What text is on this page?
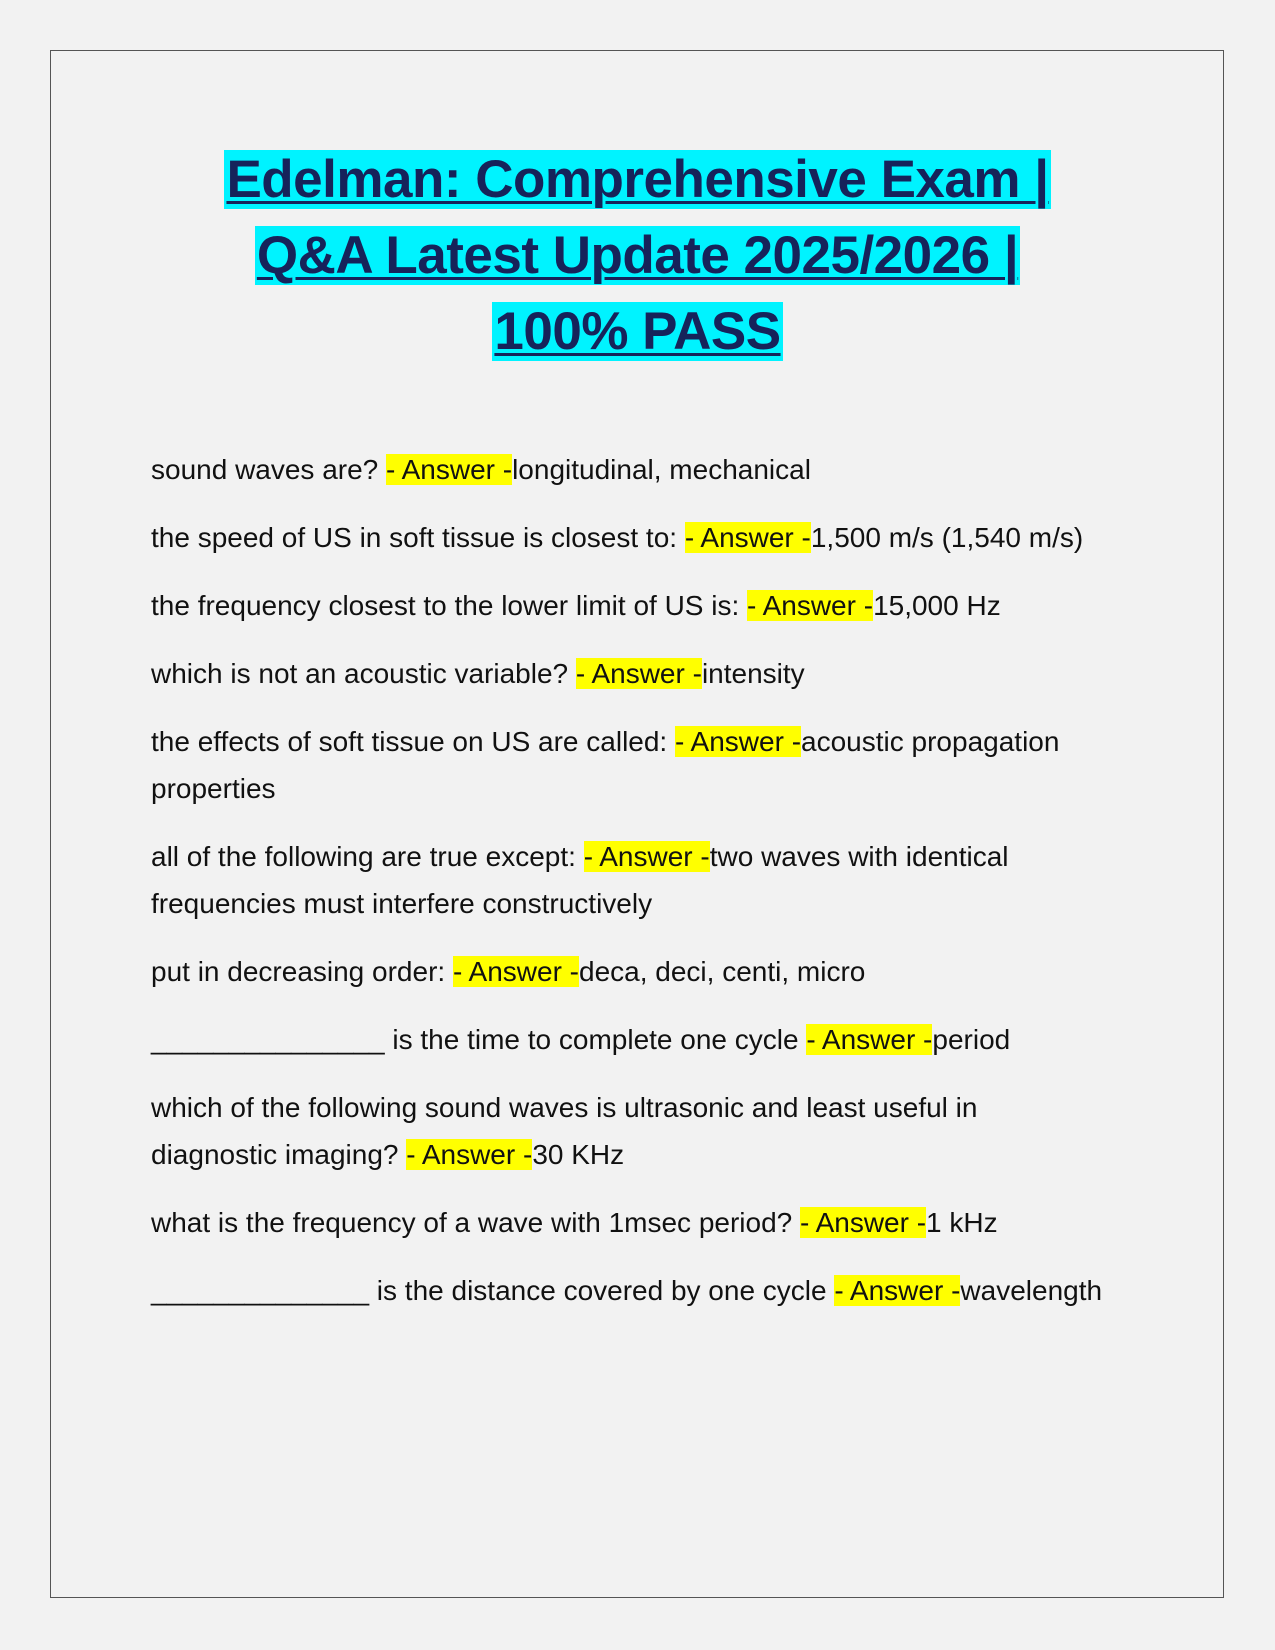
Edelman: Comprehensive Exam |
Q&A Latest Update 2025/2026 |
100% PASS
sound waves are? - Answer -longitudinal, mechanical
the speed of US in soft tissue is closest to: - Answer -1,500 m/s (1,540 m/s)
the frequency closest to the lower limit of US is: - Answer -15,000 Hz
which is not an acoustic variable? - Answer -intensity
the effects of soft tissue on US are called: - Answer -acoustic propagation properties
all of the following are true except: - Answer -two waves with identical frequencies must interfere constructively
put in decreasing order: - Answer -deca, deci, centi, micro
_______________ is the time to complete one cycle - Answer -period
which of the following sound waves is ultrasonic and least useful in diagnostic imaging? - Answer -30 KHz
what is the frequency of a wave with 1msec period? - Answer -1 kHz
______________ is the distance covered by one cycle - Answer -wavelength
